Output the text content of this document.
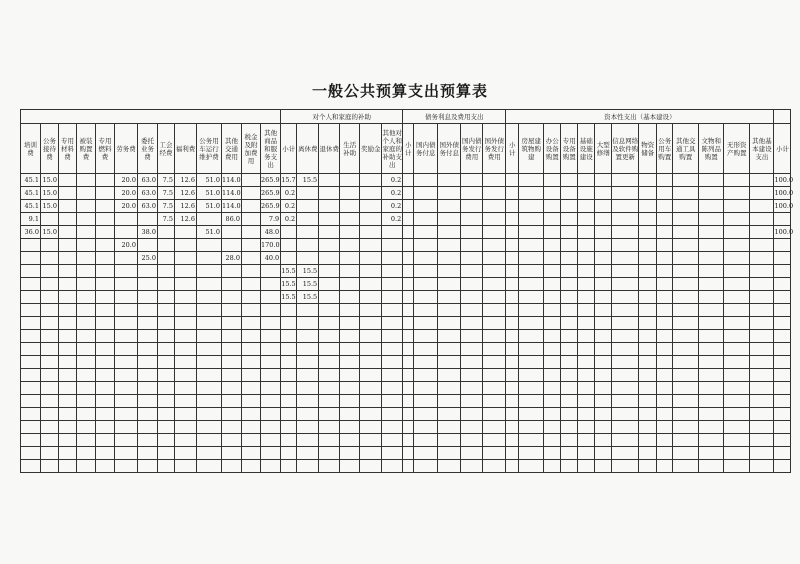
一般公共预算支出预算表
													对个人和家庭的补助						债务利息及费用支出					资本性支出（基本建设）													
培训费	公务接待费	专用材料费	被装购置费	专用燃料费	劳务费	委托业务费	工会经费	福利费	公务用车运行维护费	其他交通费用	税金及附加费用	其他商品和服务支出	小计	离休费	退休费	生活补助	奖励金	其他对个人和家庭的补助支出	小计	国内债务付息	国外债务付息	国内债务发行费用	国外债务发行费用	小计	房屋建筑物购建	办公设备购置	专用设备购置	基础设施建设	大型修缮	信息网络及软件购置更新	物资储备	公务用车购置	其他交通工具购置	文物和陈列品购置	无形资产购置	其他基本建设支出	小计
45.1	15.0				20.0	63.0	7.5	12.6	51.0	114.0		265.9	15.7	15.5				0.2																			100.0
45.1	15.0				20.0	63.0	7.5	12.6	51.0	114.0		265.9	0.2					0.2																			100.0
45.1	15.0				20.0	63.0	7.5	12.6	51.0	114.0		265.9	0.2					0.2																			100.0
9.1							7.5	12.6		86.0		7.9	0.2					0.2																			
36.0	15.0					38.0			51.0			48.0																									100.0
					20.0							170.0																									
						25.0				28.0		40.0																									
													15.5	15.5																							
													15.5	15.5																							
													15.5	15.5																							
